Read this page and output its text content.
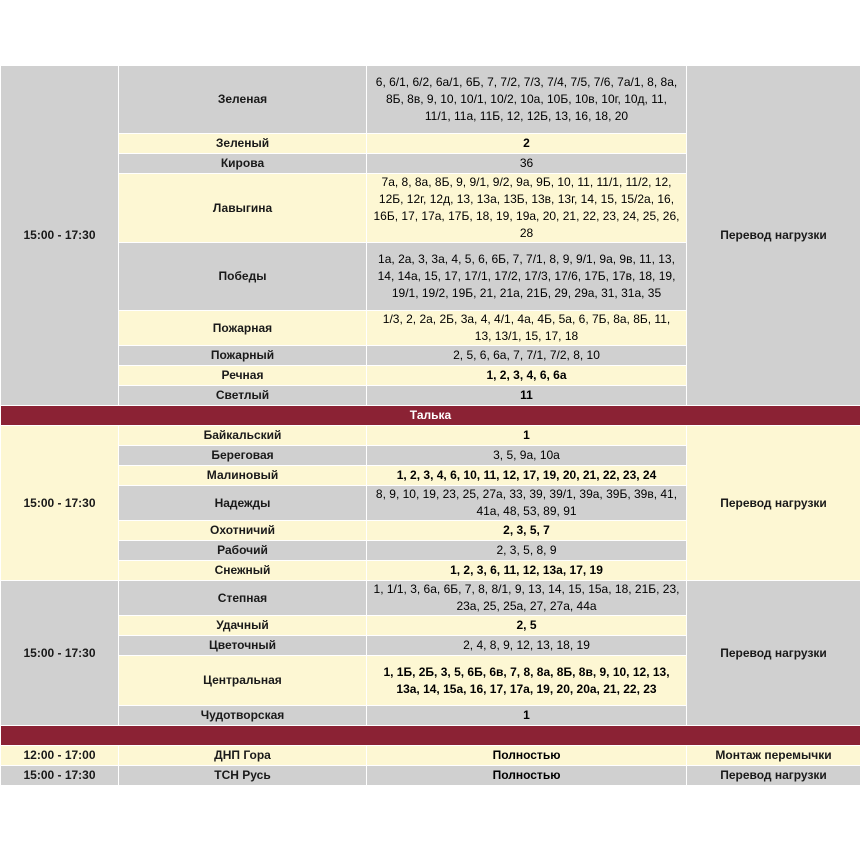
15:00 - 17:30	Зеленая	6, 6/1, 6/2, 6а/1, 6Б, 7, 7/2, 7/3, 7/4, 7/5, 7/6, 7а/1, 8, 8а, 8Б, 8в, 9, 10, 10/1, 10/2, 10а, 10Б, 10в, 10г, 10д, 11, 11/1, 11а, 11Б, 12, 12Б, 13, 16, 18, 20	Перевод нагрузки
	Зеленый	2	
	Кирова	36	
	Лавыгина	7а, 8, 8а, 8Б, 9, 9/1, 9/2, 9а, 9Б, 10, 11, 11/1, 11/2, 12, 12Б, 12г, 12д, 13, 13а, 13Б, 13в, 13г, 14, 15, 15/2а, 16, 16Б, 17, 17а, 17Б, 18, 19, 19а, 20, 21, 22, 23, 24, 25, 26, 28	
	Победы	1а, 2а, 3, 3а, 4, 5, 6, 6Б, 7, 7/1, 8, 9, 9/1, 9а, 9в, 11, 13, 14, 14а, 15, 17, 17/1, 17/2, 17/3, 17/6, 17Б, 17в, 18, 19, 19/1, 19/2, 19Б, 21, 21а, 21Б, 29, 29а, 31, 31а, 35	
	Пожарная	1/3, 2, 2а, 2Б, 3а, 4, 4/1, 4а, 4Б, 5а, 6, 7Б, 8а, 8Б, 11, 13, 13/1, 15, 17, 18	
	Пожарный	2, 5, 6, 6а, 7, 7/1, 7/2, 8, 10	
	Речная	1, 2, 3, 4, 6, 6а	
	Светлый	11	
Талька			
15:00 - 17:30	Байкальский	1	Перевод нагрузки
	Береговая	3, 5, 9а, 10а	
	Малиновый	1, 2, 3, 4, 6, 10, 11, 12, 17, 19, 20, 21, 22, 23, 24	
	Надежды	8, 9, 10, 19, 23, 25, 27а, 33, 39, 39/1, 39а, 39Б, 39в, 41, 41а, 48, 53, 89, 91	
	Охотничий	2, 3, 5, 7	
	Рабочий	2, 3, 5, 8, 9	
	Снежный	1, 2, 3, 6, 11, 12, 13а, 17, 19	
15:00 - 17:30	Степная	1, 1/1, 3, 6а, 6Б, 7, 8, 8/1, 9, 13, 14, 15, 15а, 18, 21Б, 23, 23а, 25, 25а, 27, 27а, 44а	Перевод нагрузки
	Удачный	2, 5	
	Цветочный	2, 4, 8, 9, 12, 13, 18, 19	
	Центральная	1, 1Б, 2Б, 3, 5, 6Б, 6в, 7, 8, 8а, 8Б, 8в, 9, 10, 12, 13, 13а, 14, 15а, 16, 17, 17а, 19, 20, 20а, 21, 22, 23	
	Чудотворская	1	

12:00 - 17:00	ДНП Гора	Полностью	Монтаж перемычки
15:00 - 17:30	ТСН Русь	Полностью	Перевод нагрузки
